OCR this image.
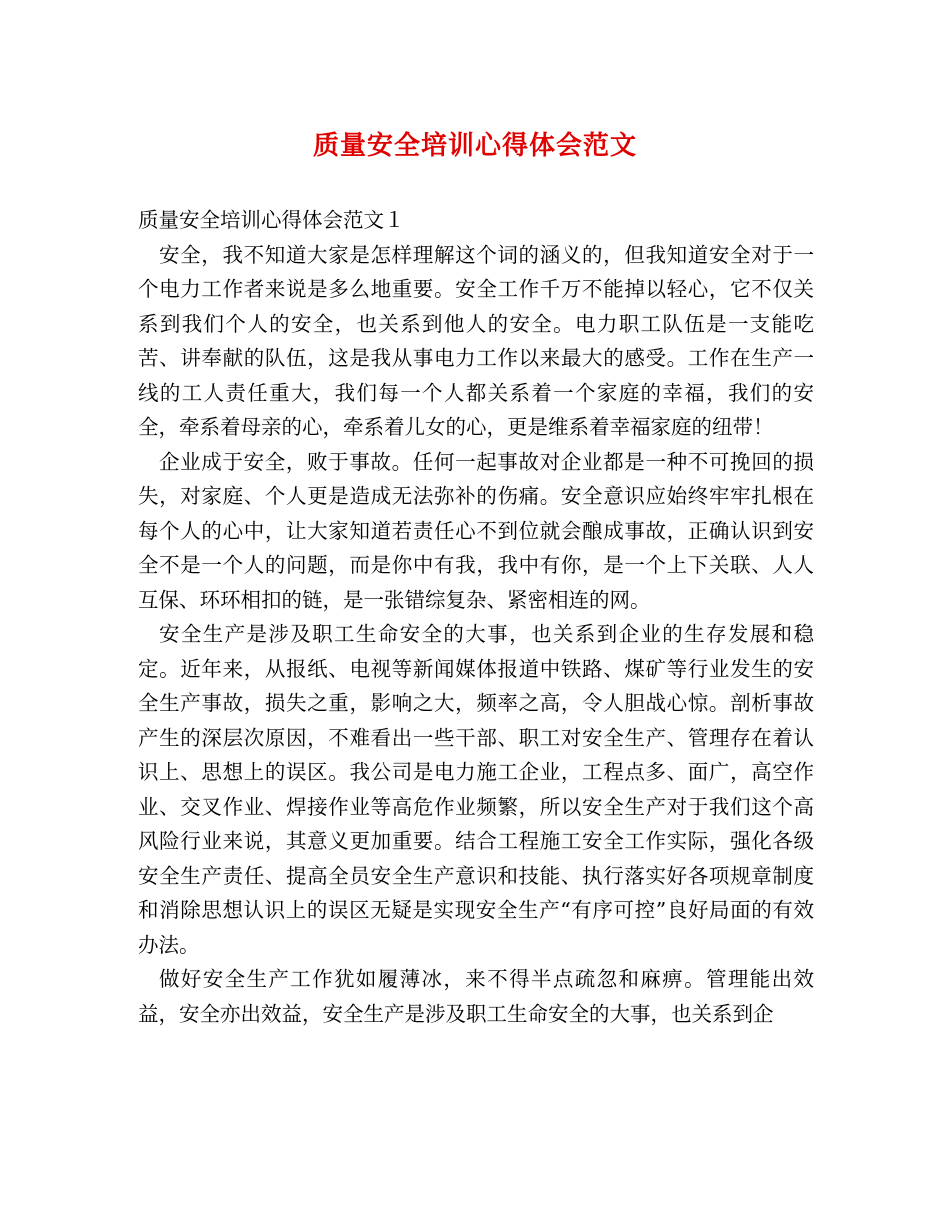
质量安全培训心得体会范文

质量安全培训心得体会范文１

安全，我不知道大家是怎样理解这个词的涵义的，但我知道安全对于一个电力工作者来说是多么地重要。安全工作千万不能掉以轻心，它不仅关系到我们个人的安全，也关系到他人的安全。电力职工队伍是一支能吃苦、讲奉献的队伍，这是我从事电力工作以来最大的感受。工作在生产一线的工人责任重大，我们每一个人都关系着一个家庭的幸福，我们的安全，牵系着母亲的心，牵系着儿女的心，更是维系着幸福家庭的纽带！

企业成于安全，败于事故。任何一起事故对企业都是一种不可挽回的损失，对家庭、个人更是造成无法弥补的伤痛。安全意识应始终牢牢扎根在每个人的心中，让大家知道若责任心不到位就会酿成事故，正确认识到安全不是一个人的问题，而是你中有我，我中有你，是一个上下关联、人人互保、环环相扣的链，是一张错综复杂、紧密相连的网。

安全生产是涉及职工生命安全的大事，也关系到企业的生存发展和稳定。近年来，从报纸、电视等新闻媒体报道中铁路、煤矿等行业发生的安全生产事故，损失之重，影响之大，频率之高，令人胆战心惊。剖析事故产生的深层次原因，不难看出一些干部、职工对安全生产、管理存在着认识上、思想上的误区。我公司是电力施工企业，工程点多、面广，高空作业、交叉作业、焊接作业等高危作业频繁，所以安全生产对于我们这个高风险行业来说，其意义更加重要。结合工程施工安全工作实际，强化各级安全生产责任、提高全员安全生产意识和技能、执行落实好各项规章制度和消除思想认识上的误区无疑是实现安全生产“有序可控”良好局面的有效办法。

做好安全生产工作犹如履薄冰，来不得半点疏忽和麻痹。管理能出效益，安全亦出效益，安全生产是涉及职工生命安全的大事，也关系到企
